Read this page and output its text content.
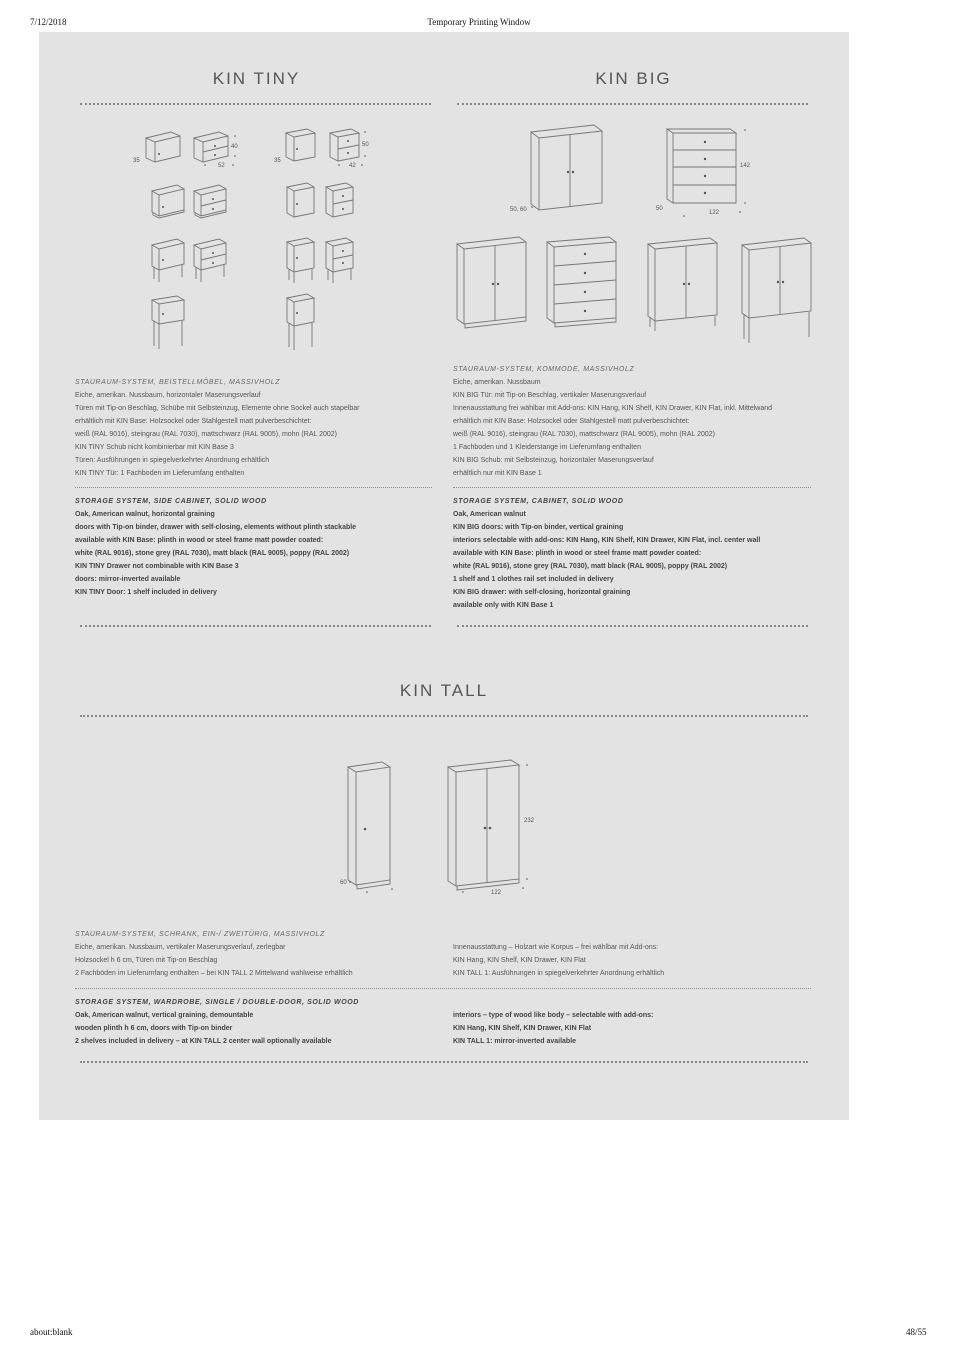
7/12/2018	Temporary Printing Window
about:blank	48/55
KIN TINY
35
40
52
35
50
42
STAURAUM-SYSTEM, BEISTELLMÖBEL, MASSIVHOLZ
Eiche, amerikan. Nussbaum, horizontaler Maserungsverlauf
Türen mit Tip-on Beschlag, Schübe mit Selbsteinzug, Elemente ohne Sockel auch stapelbar
erhältlich mit KIN Base: Holzsockel oder Stahlgestell matt pulverbeschichtet:
weiß (RAL 9016), steingrau (RAL 7030), mattschwarz (RAL 9005), mohn (RAL 2002)
KIN TINY Schub nicht kombinierbar mit KIN Base 3
Türen: Ausführungen in spiegelverkehrter Anordnung erhältlich
KIN TINY Tür: 1 Fachboden im Lieferumfang enthalten
STORAGE SYSTEM, SIDE CABINET, SOLID WOOD
Oak, American walnut, horizontal graining
doors with Tip-on binder, drawer with self-closing, elements without plinth stackable
available with KIN Base: plinth in wood or steel frame matt powder coated:
white (RAL 9016), stone grey (RAL 7030), matt black (RAL 9005), poppy (RAL 2002)
KIN TINY Drawer not combinable with KIN Base 3
doors: mirror-inverted available
KIN TINY Door: 1 shelf included in delivery
KIN BIG
50, 60
142
50
122
STAURAUM-SYSTEM, KOMMODE, MASSIVHOLZ
Eiche, amerikan. Nussbaum
KIN BIG Tür: mit Tip-on Beschlag, vertikaler Maserungsverlauf
Innenausstattung frei wählbar mit Add-ons: KIN Hang, KIN Shelf, KIN Drawer, KIN Flat, inkl. Mittelwand
erhältlich mit KIN Base: Holzsockel oder Stahlgestell matt pulverbeschichtet:
weiß (RAL 9016), steingrau (RAL 7030), mattschwarz (RAL 9005), mohn (RAL 2002)
1 Fachboden und 1 Kleiderstange im Lieferumfang enthalten
KIN BIG Schub: mit Selbsteinzug, horizontaler Maserungsverlauf
erhältlich nur mit KIN Base 1
STORAGE SYSTEM, CABINET, SOLID WOOD
Oak, American walnut
KIN BIG doors: with Tip-on binder, vertical graining
interiors selectable with add-ons: KIN Hang, KIN Shelf, KIN Drawer, KIN Flat, incl. center wall
available with KIN Base: plinth in wood or steel frame matt powder coated:
white (RAL 9016), stone grey (RAL 7030), matt black (RAL 9005), poppy (RAL 2002)
1 shelf and 1 clothes rail set included in delivery
KIN BIG drawer: with self-closing, horizontal graining
available only with KIN Base 1
KIN TALL
60
232
122
STAURAUM-SYSTEM, SCHRANK, EIN-/ ZWEITÜRIG, MASSIVHOLZ
Eiche, amerikan. Nussbaum, vertikaler Maserungsverlauf, zerlegbar
Holzsockel h 6 cm, Türen mit Tip-on Beschlag
2 Fachböden im Lieferumfang enthalten – bei KIN TALL 2 Mittelwand wahlweise erhältlich
Innenausstattung – Holzart wie Korpus – frei wählbar mit Add-ons:
KIN Hang, KIN Shelf, KIN Drawer, KIN Flat
KIN TALL 1: Ausführungen in spiegelverkehrter Anordnung erhältlich
STORAGE SYSTEM, WARDROBE, SINGLE / DOUBLE-DOOR, SOLID WOOD
Oak, American walnut, vertical graining, demountable
wooden plinth h 6 cm, doors with Tip-on binder
2 shelves included in delivery – at KIN TALL 2 center wall optionally available
interiors – type of wood like body – selectable with add-ons:
KIN Hang, KIN Shelf, KIN Drawer, KIN Flat
KIN TALL 1: mirror-inverted available
